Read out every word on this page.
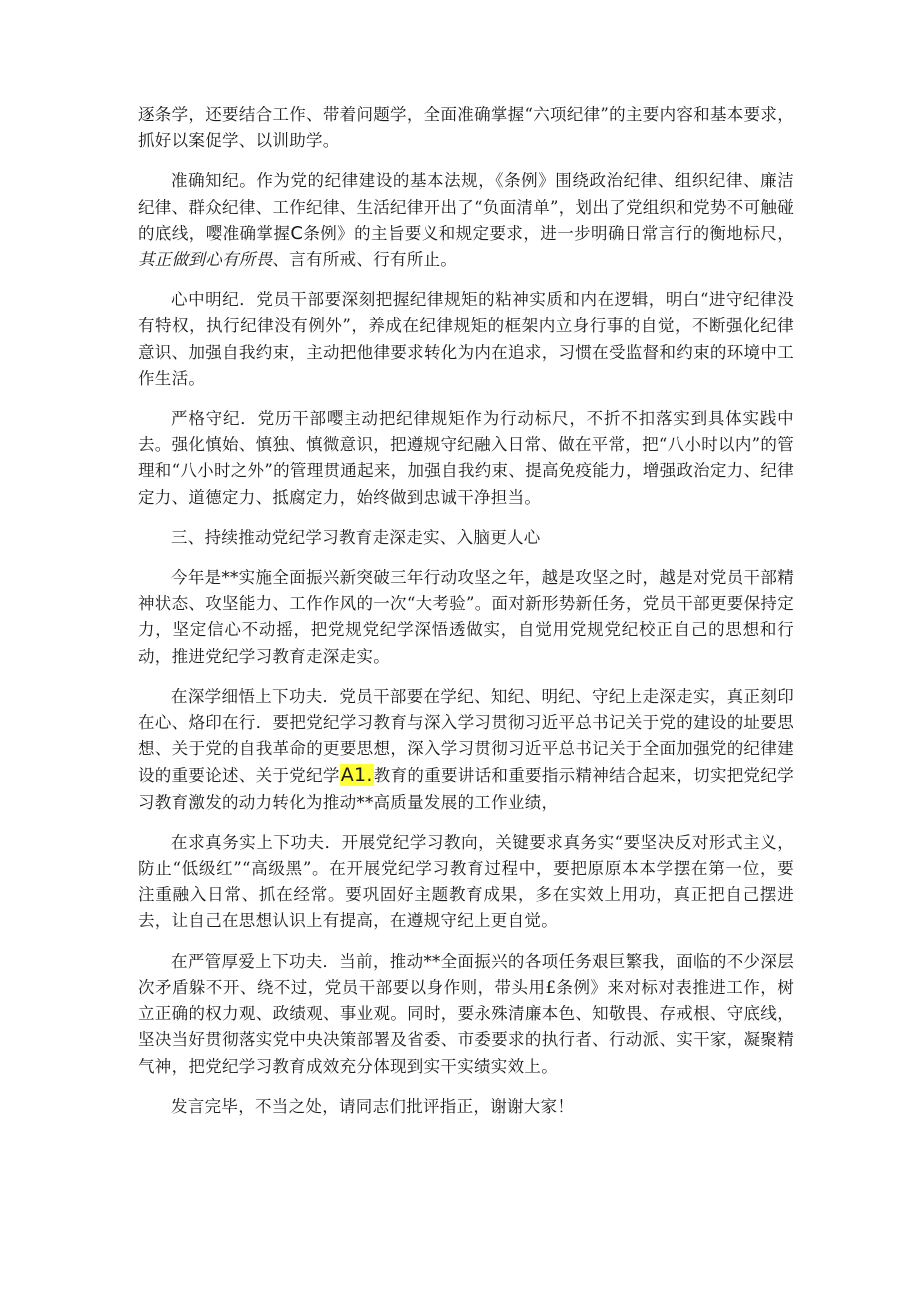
逐条学，还要结合工作、带着问题学，全面准确掌握“六项纪律”的主要内容和基本要求，抓好以案促学、以训助学。

准确知纪。作为党的纪律建设的基本法规，《条例》围绕政治纪律、组织纪律、廉洁纪律、群众纪律、工作纪律、生活纪律开出了“负面清单”，划出了党组织和党势不可触碰的底线，嘤准确掌握C条例》的主旨要义和规定要求，进一步明确日常言行的衡地标尺，其正做到心有所畏、言有所戒、行有所止。

心中明纪．党员干部要深刻把握纪律规矩的粘神实质和内在逻辑，明白“进守纪律没有特权，执行纪律没有例外”，养成在纪律规矩的框架内立身行事的自觉，不断强化纪律意识、加强自我约束，主动把他律要求转化为内在追求，习惯在受监督和约束的环境中工作生活。

严格守纪．党历干部嘤主动把纪律规矩作为行动标尺，不折不扣落实到具体实践中去。强化慎始、慎独、慎微意识，把遵规守纪融入日常、做在平常，把“八小时以内”的管理和“八小时之外”的管理贯通起来，加强自我约束、提高免疫能力，增强政治定力、纪律定力、道德定力、抵腐定力，始终做到忠诚干净担当。

三、持续推动党纪学习教育走深走实、入脑更人心

今年是**实施全面振兴新突破三年行动攻坚之年，越是攻坚之时，越是对党员干部精神状态、攻坚能力、工作作风的一次“大考验”。面对新形势新任务，党员干部更要保持定力，坚定信心不动摇，把党规党纪学深悟透做实，自觉用党规党纪校正自己的思想和行动，推进党纪学习教育走深走实。

在深学细悟上下功夫．党员干部要在学纪、知纪、明纪、守纪上走深走实，真正刻印在心、烙印在行．要把党纪学习教育与深入学习贯彻习近平总书记关于党的建设的址要思想、关于党的自我革命的更要思想，深入学习贯彻习近平总书记关于全面加强党的纪律建设的重要论述、关于党纪学A1.教育的重要讲话和重要指示精神结合起来，切实把党纪学习教育激发的动力转化为推动**高质量发展的工作业绩，

在求真务实上下功夫．开展党纪学习教向，关键要求真务实“要坚决反对形式主义，防止“低级红”“高级黑”。在开展党纪学习教育过程中，要把原原本本学摆在第一位，要注重融入日常、抓在经常。要巩固好主题教育成果，多在实效上用功，真正把自己摆进去，让自己在思想认识上有提高，在遵规守纪上更自觉。

在严管厚爱上下功夫．当前，推动**全面振兴的各项任务艰巨繁我，面临的不少深层次矛盾躲不开、绕不过，党员干部要以身作则，带头用£条例》来对标对表推进工作，树立正确的权力观、政绩观、事业观。同时，要永殊清廉本色、知敬畏、存戒根、守底线，坚决当好贯彻落实党中央决策部署及省委、市委要求的执行者、行动派、实干家，凝聚精气神，把党纪学习教育成效充分体现到实干实绩实效上。

发言完毕，不当之处，请同志们批评指正，谢谢大家！
